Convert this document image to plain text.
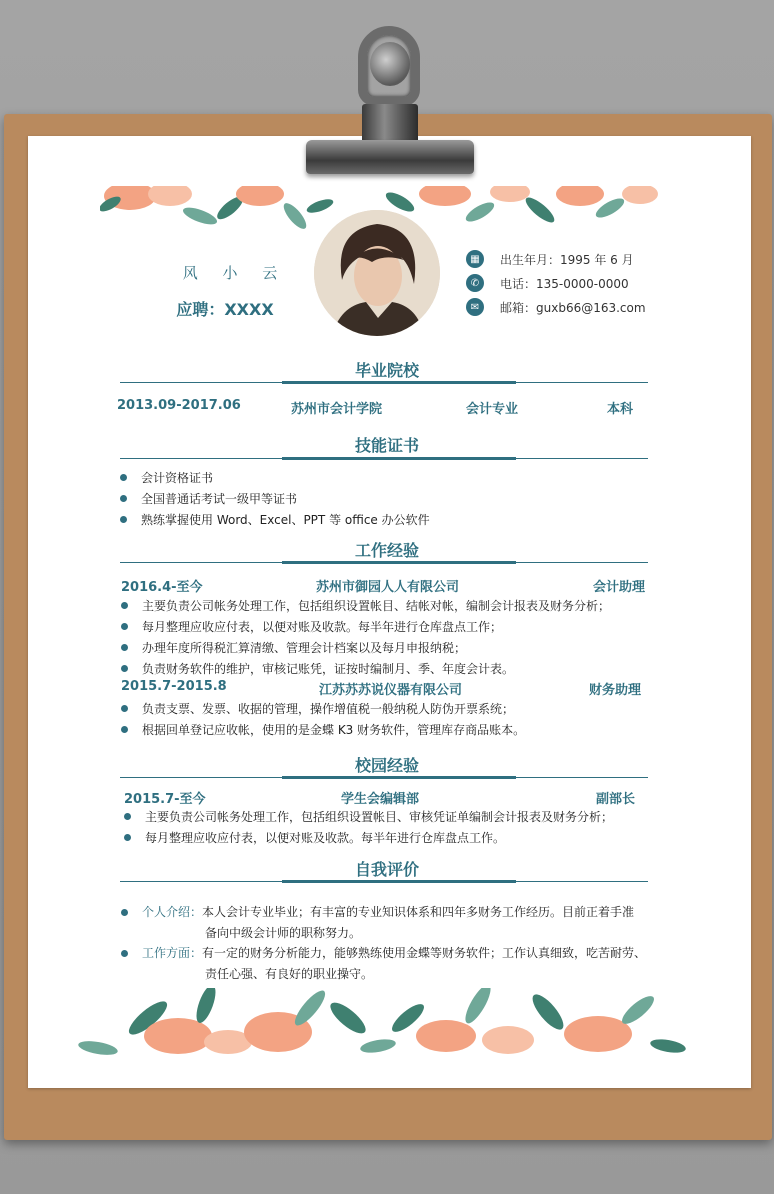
风 小 云
应聘：XXXX
▦	出生年月：1995 年 6 月
✆	电话：135-0000-0000
✉	邮箱：guxb66@163.com
毕业院校
2013.09-2017.06	苏州市会计学院	会计专业	本科
技能证书
会计资格证书
全国普通话考试一级甲等证书
熟练掌握使用 Word、Excel、PPT 等 office 办公软件
工作经验
2016.4-至今	苏州市御园人人有限公司	会计助理
主要负责公司帐务处理工作，包括组织设置帐目、结帐对帐，编制会计报表及财务分析；
每月整理应收应付表，以便对账及收款。每半年进行仓库盘点工作；
办理年度所得税汇算清缴、管理会计档案以及每月申报纳税；
负责财务软件的维护，审核记账凭，证按时编制月、季、年度会计表。
2015.7-2015.8	江苏苏苏说仪器有限公司	财务助理
负责支票、发票、收据的管理，操作增值税一般纳税人防伪开票系统；
根据回单登记应收帐，使用的是金蝶 K3 财务软件，管理库存商品账本。
校园经验
2015.7-至今	学生会编辑部	副部长
主要负责公司帐务处理工作，包括组织设置帐目、审核凭证单编制会计报表及财务分析；
每月整理应收应付表，以便对账及收款。每半年进行仓库盘点工作。
自我评价
个人介绍： 本人会计专业毕业；有丰富的专业知识体系和四年多财务工作经历。目前正着手准
备向中级会计师的职称努力。
工作方面： 有一定的财务分析能力，能够熟练使用金蝶等财务软件；工作认真细致，吃苦耐劳、
责任心强、有良好的职业操守。
